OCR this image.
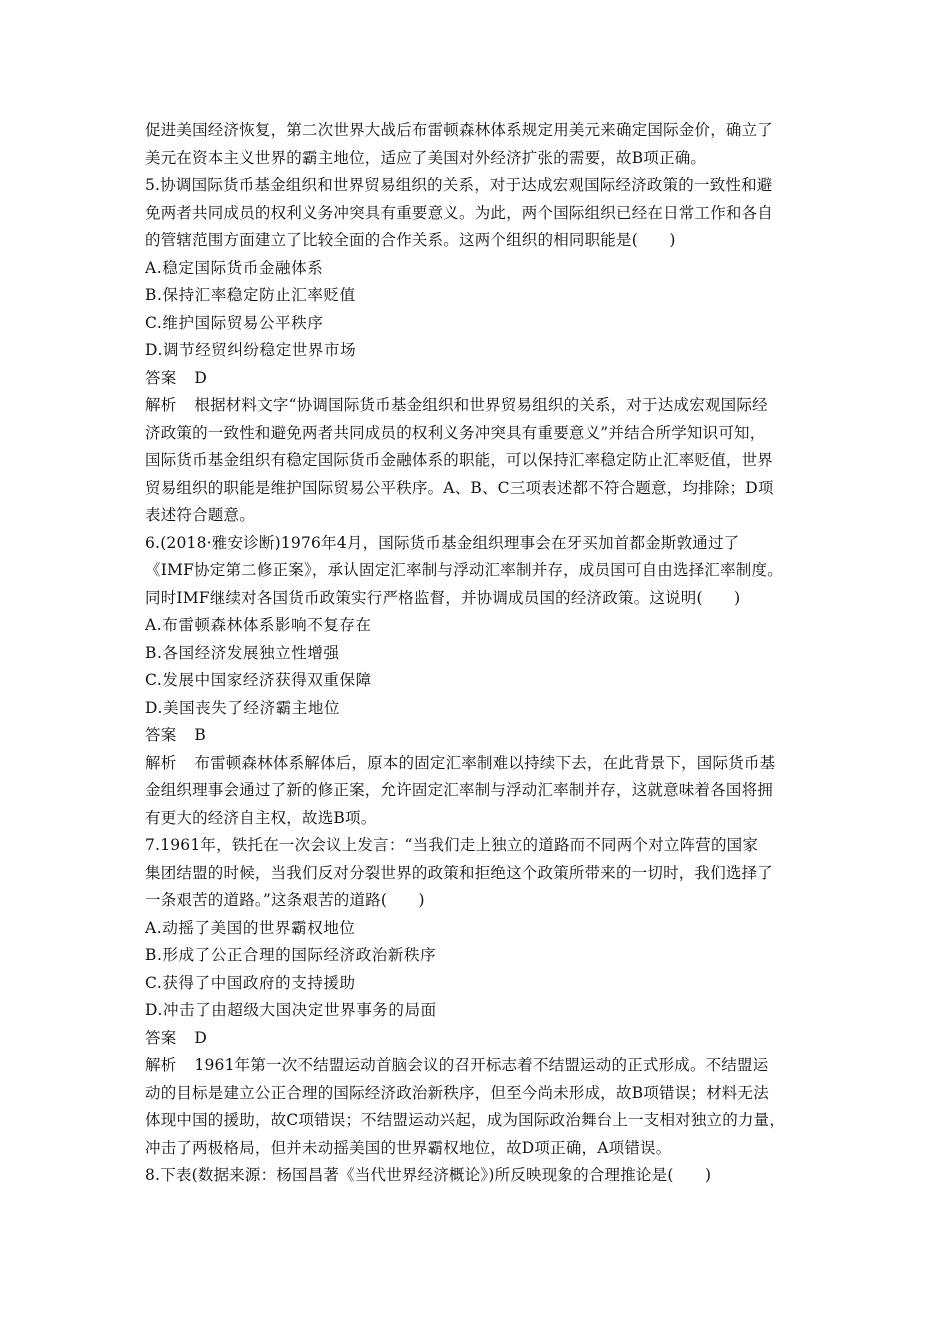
促进美国经济恢复，第二次世界大战后布雷顿森林体系规定用美元来确定国际金价，确立了
美元在资本主义世界的霸主地位，适应了美国对外经济扩张的需要，故B项正确。
5.协调国际货币基金组织和世界贸易组织的关系，对于达成宏观国际经济政策的一致性和避
免两者共同成员的权利义务冲突具有重要意义。为此，两个国际组织已经在日常工作和各自
的管辖范围方面建立了比较全面的合作关系。这两个组织的相同职能是(　　)
A.稳定国际货币金融体系
B.保持汇率稳定防止汇率贬值
C.维护国际贸易公平秩序
D.调节经贸纠纷稳定世界市场
答案 D
解析 根据材料文字“协调国际货币基金组织和世界贸易组织的关系，对于达成宏观国际经
济政策的一致性和避免两者共同成员的权利义务冲突具有重要意义”并结合所学知识可知，
国际货币基金组织有稳定国际货币金融体系的职能，可以保持汇率稳定防止汇率贬值，世界
贸易组织的职能是维护国际贸易公平秩序。A、B、C三项表述都不符合题意，均排除；D项
表述符合题意。
6.(2018·雅安诊断)1976年4月，国际货币基金组织理事会在牙买加首都金斯敦通过了
《IMF协定第二修正案》，承认固定汇率制与浮动汇率制并存，成员国可自由选择汇率制度。
同时IMF继续对各国货币政策实行严格监督，并协调成员国的经济政策。这说明(　　)
A.布雷顿森林体系影响不复存在
B.各国经济发展独立性增强
C.发展中国家经济获得双重保障
D.美国丧失了经济霸主地位
答案 B
解析 布雷顿森林体系解体后，原本的固定汇率制难以持续下去，在此背景下，国际货币基
金组织理事会通过了新的修正案，允许固定汇率制与浮动汇率制并存，这就意味着各国将拥
有更大的经济自主权，故选B项。
7.1961年，铁托在一次会议上发言：“当我们走上独立的道路而不同两个对立阵营的国家
集团结盟的时候，当我们反对分裂世界的政策和拒绝这个政策所带来的一切时，我们选择了
一条艰苦的道路。”这条艰苦的道路(　　)
A.动摇了美国的世界霸权地位
B.形成了公正合理的国际经济政治新秩序
C.获得了中国政府的支持援助
D.冲击了由超级大国决定世界事务的局面
答案 D
解析 1961年第一次不结盟运动首脑会议的召开标志着不结盟运动的正式形成。不结盟运
动的目标是建立公正合理的国际经济政治新秩序，但至今尚未形成，故B项错误；材料无法
体现中国的援助，故C项错误；不结盟运动兴起，成为国际政治舞台上一支相对独立的力量，
冲击了两极格局，但并未动摇美国的世界霸权地位，故D项正确，A项错误。
8.下表(数据来源：杨国昌著《当代世界经济概论》)所反映现象的合理推论是(　　)
